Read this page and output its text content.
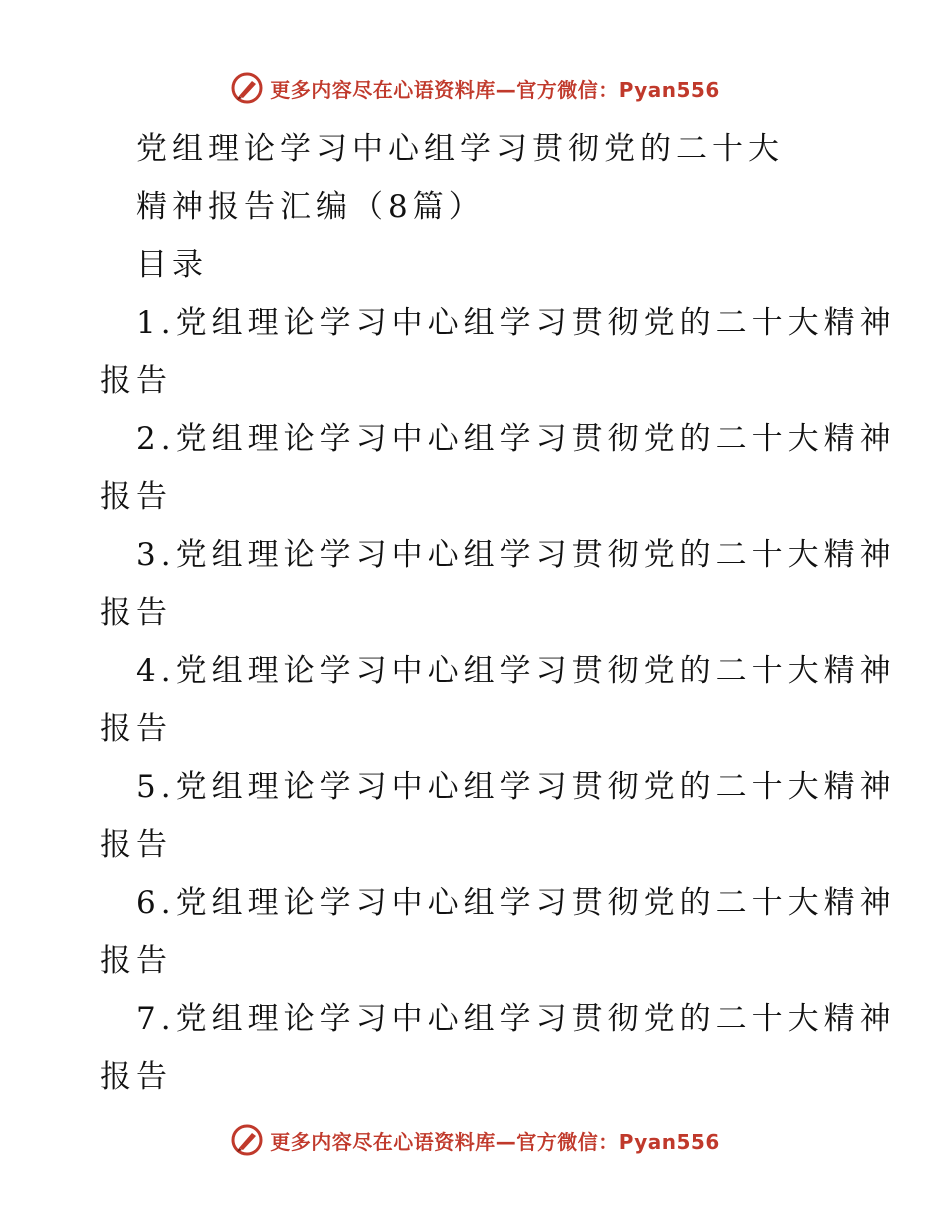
更多内容尽在心语资料库—官方微信：Pyan556
党组理论学习中心组学习贯彻党的二十大
精神报告汇编（8篇）
目录
1.党组理论学习中心组学习贯彻党的二十大精神
报告
2.党组理论学习中心组学习贯彻党的二十大精神
报告
3.党组理论学习中心组学习贯彻党的二十大精神
报告
4.党组理论学习中心组学习贯彻党的二十大精神
报告
5.党组理论学习中心组学习贯彻党的二十大精神
报告
6.党组理论学习中心组学习贯彻党的二十大精神
报告
7.党组理论学习中心组学习贯彻党的二十大精神
报告
更多内容尽在心语资料库—官方微信：Pyan556
